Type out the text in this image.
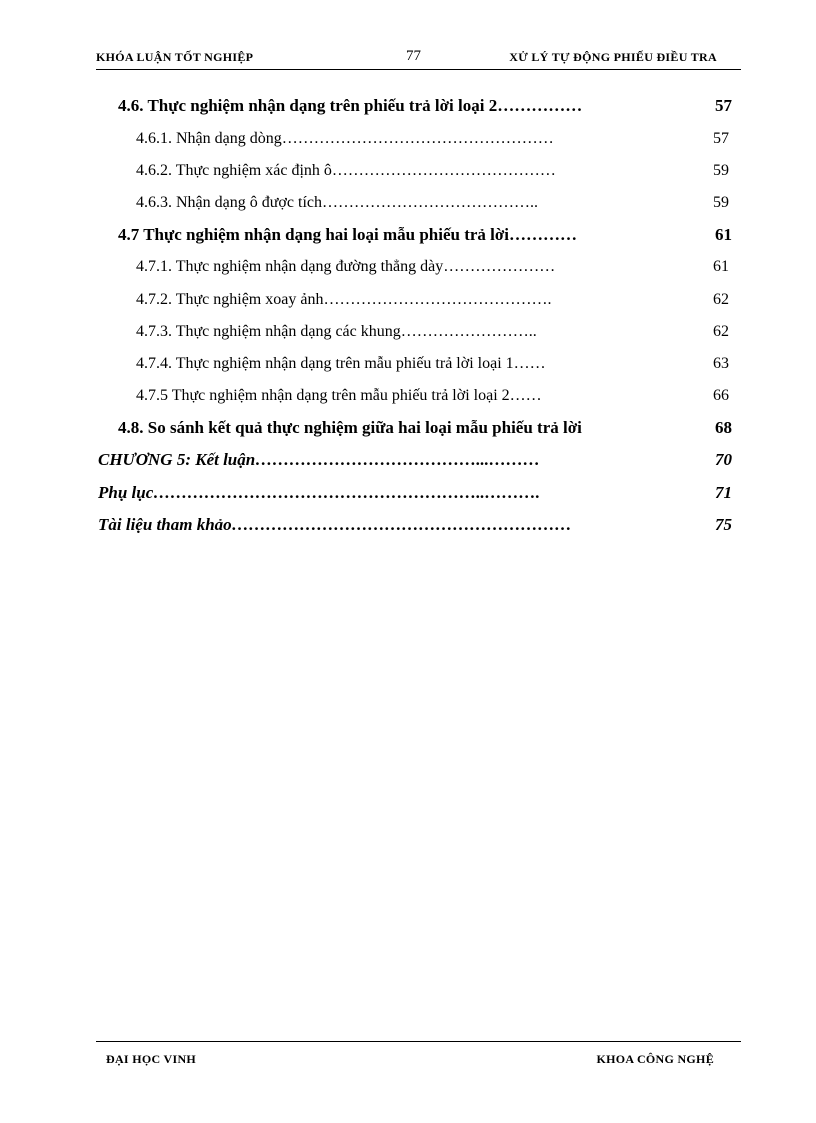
KHÓA LUẬN TỐT NGHIỆP	77	XỬ LÝ TỰ ĐỘNG PHIẾU ĐIỀU TRA
4.6. Thực nghiệm nhận dạng trên phiếu trả lời loại 2……………	57
4.6.1. Nhận dạng dòng……………………………………………	57
4.6.2. Thực nghiệm xác định ô……………………………………	59
4.6.3. Nhận dạng ô được tích…………………………………..	59
4.7 Thực nghiệm nhận dạng hai loại mẫu phiếu trả lời…………	61
4.7.1. Thực nghiệm nhận dạng đường thẳng dày…………………	61
4.7.2. Thực nghiệm xoay ảnh…………………………………….	62
4.7.3. Thực nghiệm nhận dạng các khung……………………..	62
4.7.4. Thực nghiệm nhận dạng trên mẫu phiếu trả lời loại 1……	63
4.7.5 Thực nghiệm nhận dạng trên mẫu phiếu trả lời loại 2……	66
4.8. So sánh kết quả thực nghiệm giữa hai loại mẫu phiếu trả lời	68
CHƯƠNG 5: Kết luận…………………………………...………	70
Phụ lục…………………………………………………..……….	71
Tài liệu tham khảo……………………………………………………	75
ĐẠI HỌC VINH	KHOA CÔNG NGHỆ
